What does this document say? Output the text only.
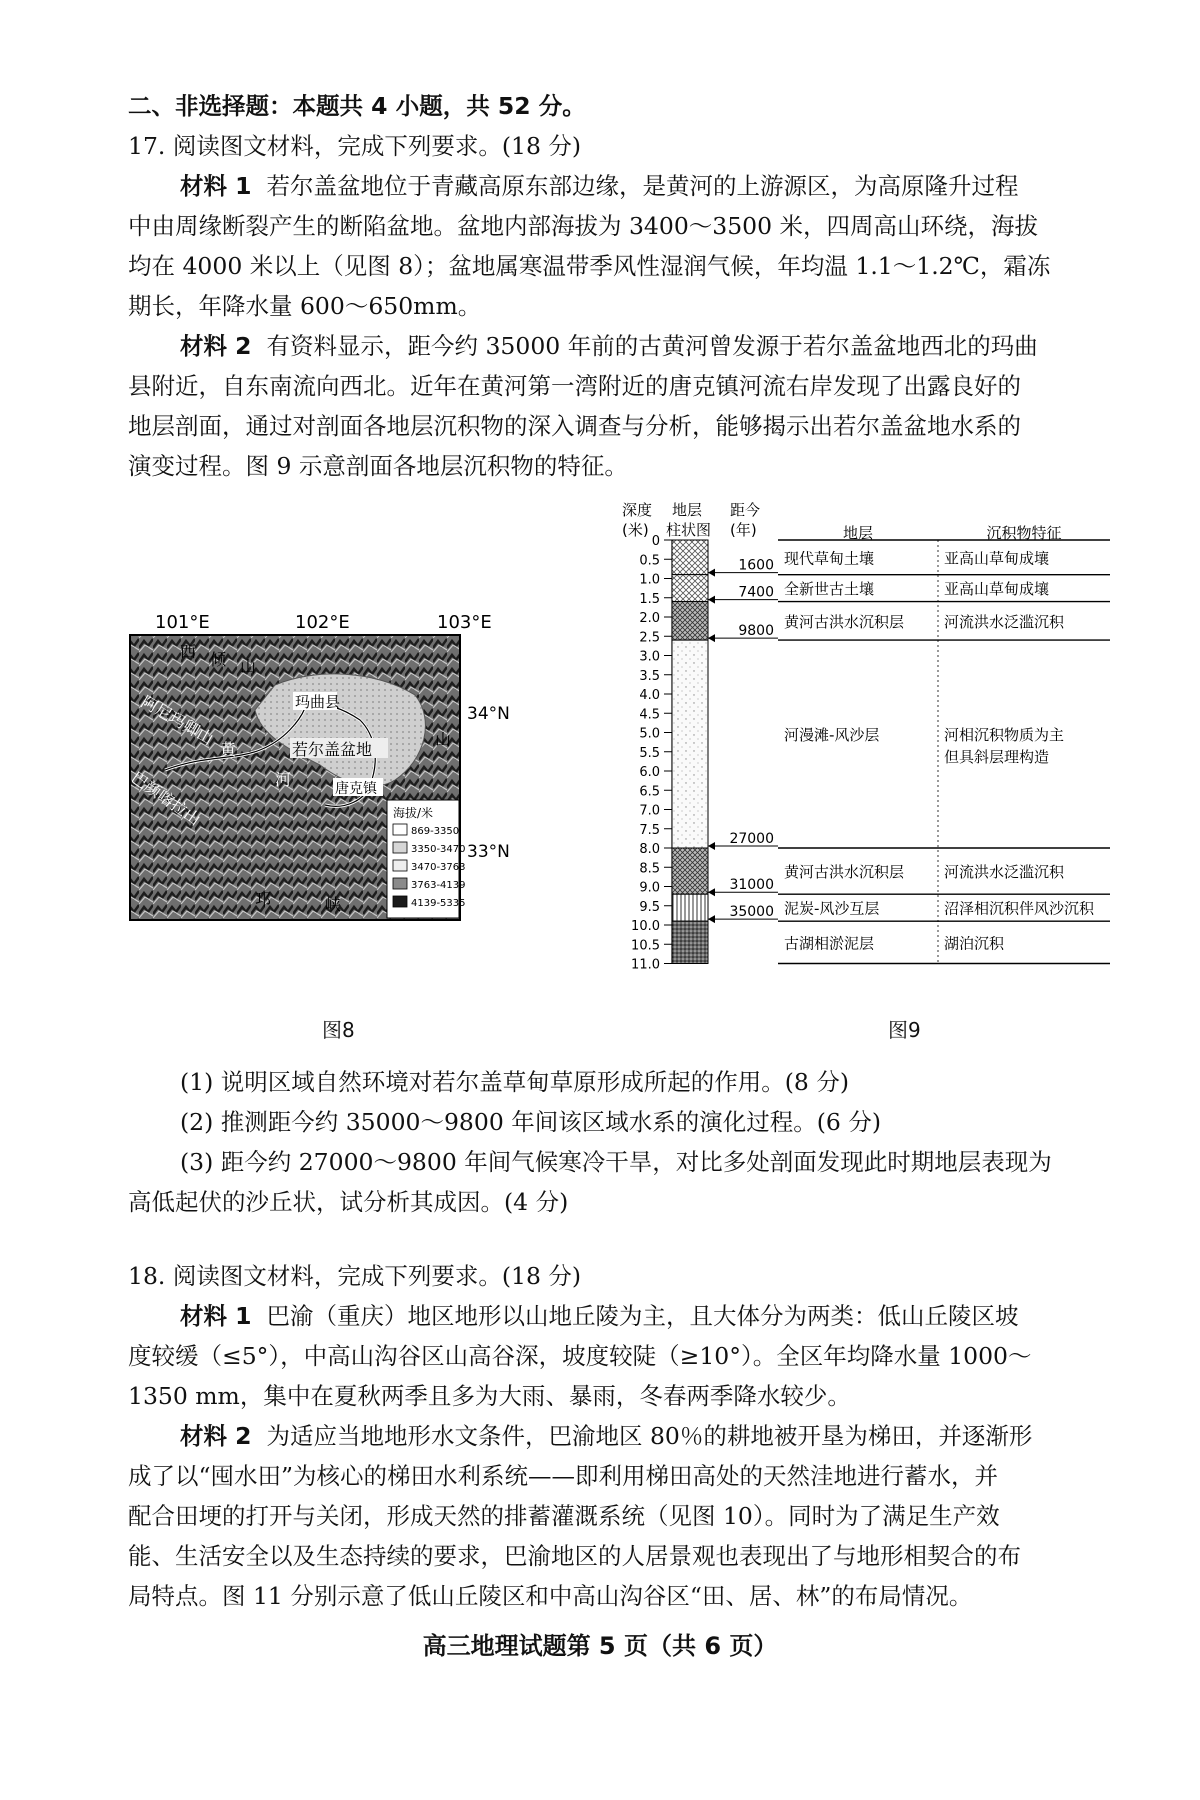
二、非选择题：本题共 4 小题，共 52 分。
17. 阅读图文材料，完成下列要求。(18 分)
材料 1 若尔盖盆地位于青藏高原东部边缘，是黄河的上游源区，为高原隆升过程
中由周缘断裂产生的断陷盆地。盆地内部海拔为 3400～3500 米，四周高山环绕，海拔
均在 4000 米以上（见图 8）；盆地属寒温带季风性湿润气候，年均温 1.1～1.2℃，霜冻
期长，年降水量 600～650mm。
材料 2 有资料显示，距今约 35000 年前的古黄河曾发源于若尔盖盆地西北的玛曲
县附近，自东南流向西北。近年在黄河第一湾附近的唐克镇河流右岸发现了出露良好的
地层剖面，通过对剖面各地层沉积物的深入调查与分析，能够揭示出若尔盖盆地水系的
演变过程。图 9 示意剖面各地层沉积物的特征。
101°E	102°E	103°E
西 倾 山
阿尼玛卿山	玛曲县
黄
河
若尔盖盆地
唐克镇
山
巴颜喀拉山
邛	峡
34°N
33°N
海拔/米
869-3350
3350-3470
3470-3763
3763-4139
4139-5335
图8
深度
(米)
地层
柱状图
距今
(年)
0
0.5
1.0
1.5
2.0
2.5
3.0
3.5
4.0
4.5
5.0
5.5
6.0
6.5
7.0
7.5
8.0
8.5
9.0
9.5
10.0
10.5
11.0
地层	沉积物特征
现代草甸土壤	亚高山草甸成壤
全新世古土壤	亚高山草甸成壤
黄河古洪水沉积层	河流洪水泛滥沉积
河漫滩-风沙层	河相沉积物质为主
但具斜层理构造
黄河古洪水沉积层	河流洪水泛滥沉积
泥炭-风沙互层	沼泽相沉积伴风沙沉积
古湖相淤泥层	湖泊沉积
1600
7400
9800
27000
31000
35000
图9
(1) 说明区域自然环境对若尔盖草甸草原形成所起的作用。(8 分)
(2) 推测距今约 35000～9800 年间该区域水系的演化过程。(6 分)
(3) 距今约 27000～9800 年间气候寒冷干旱，对比多处剖面发现此时期地层表现为
高低起伏的沙丘状，试分析其成因。(4 分)
18. 阅读图文材料，完成下列要求。(18 分)
材料 1 巴渝（重庆）地区地形以山地丘陵为主，且大体分为两类：低山丘陵区坡
度较缓（≤5°），中高山沟谷区山高谷深，坡度较陡（≥10°）。全区年均降水量 1000～
1350 mm，集中在夏秋两季且多为大雨、暴雨，冬春两季降水较少。
材料 2 为适应当地地形水文条件，巴渝地区 80％的耕地被开垦为梯田，并逐渐形
成了以“囤水田”为核心的梯田水利系统——即利用梯田高处的天然洼地进行蓄水，并
配合田埂的打开与关闭，形成天然的排蓄灌溉系统（见图 10）。同时为了满足生产效
能、生活安全以及生态持续的要求，巴渝地区的人居景观也表现出了与地形相契合的布
局特点。图 11 分别示意了低山丘陵区和中高山沟谷区“田、居、林”的布局情况。
高三地理试题第 5 页（共 6 页）
